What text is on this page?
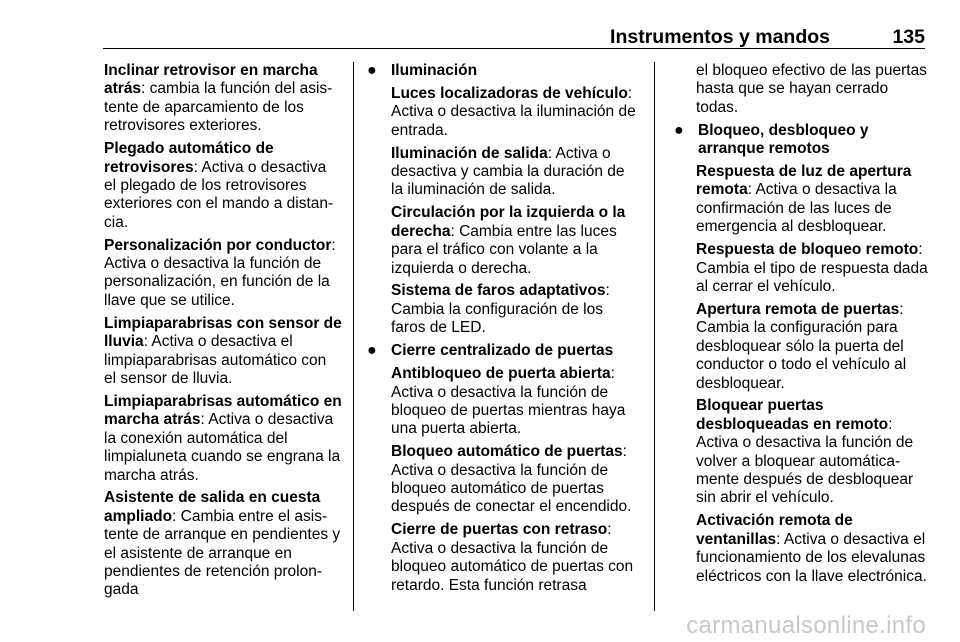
Instrumentos y mandos	135

Inclinar retrovisor en marcha atrás: cambia la función del asistente de aparcamiento de los retrovisores exteriores.

Plegado automático de retrovisores: Activa o desactiva el plegado de los retrovisores exteriores con el mando a distancia.

Personalización por conductor: Activa o desactiva la función de personalización, en función de la llave que se utilice.

Limpiaparabrisas con sensor de lluvia: Activa o desactiva el limpiaparabrisas automático con el sensor de lluvia.

Limpiaparabrisas automático en marcha atrás: Activa o desactiva la conexión automática del limpialuneta cuando se engrana la marcha atrás.

Asistente de salida en cuesta ampliado: Cambia entre el asistente de arranque en pendientes y el asistente de arranque en pendientes de retención prolongada

● Iluminación
Luces localizadoras de vehículo: Activa o desactiva la iluminación de entrada.
Iluminación de salida: Activa o desactiva y cambia la duración de la iluminación de salida.
Circulación por la izquierda o la derecha: Cambia entre las luces para el tráfico con volante a la izquierda o derecha.
Sistema de faros adaptativos: Cambia la configuración de los faros de LED.
● Cierre centralizado de puertas
Antibloqueo de puerta abierta: Activa o desactiva la función de bloqueo de puertas mientras haya una puerta abierta.
Bloqueo automático de puertas: Activa o desactiva la función de bloqueo automático de puertas después de conectar el encendido.
Cierre de puertas con retraso: Activa o desactiva la función de bloqueo automático de puertas con retardo. Esta función retrasa
el bloqueo efectivo de las puertas hasta que se hayan cerrado todas.
● Bloqueo, desbloqueo y arranque remotos
Respuesta de luz de apertura remota: Activa o desactiva la confirmación de las luces de emergencia al desbloquear.
Respuesta de bloqueo remoto: Cambia el tipo de respuesta dada al cerrar el vehículo.
Apertura remota de puertas: Cambia la configuración para desbloquear sólo la puerta del conductor o todo el vehículo al desbloquear.
Bloquear puertas desbloqueadas en remoto: Activa o desactiva la función de volver a bloquear automáticamente después de desbloquear sin abrir el vehículo.
Activación remota de ventanillas: Activa o desactiva el funcionamiento de los elevalunas eléctricos con la llave electrónica.
carmanualsonline.info
